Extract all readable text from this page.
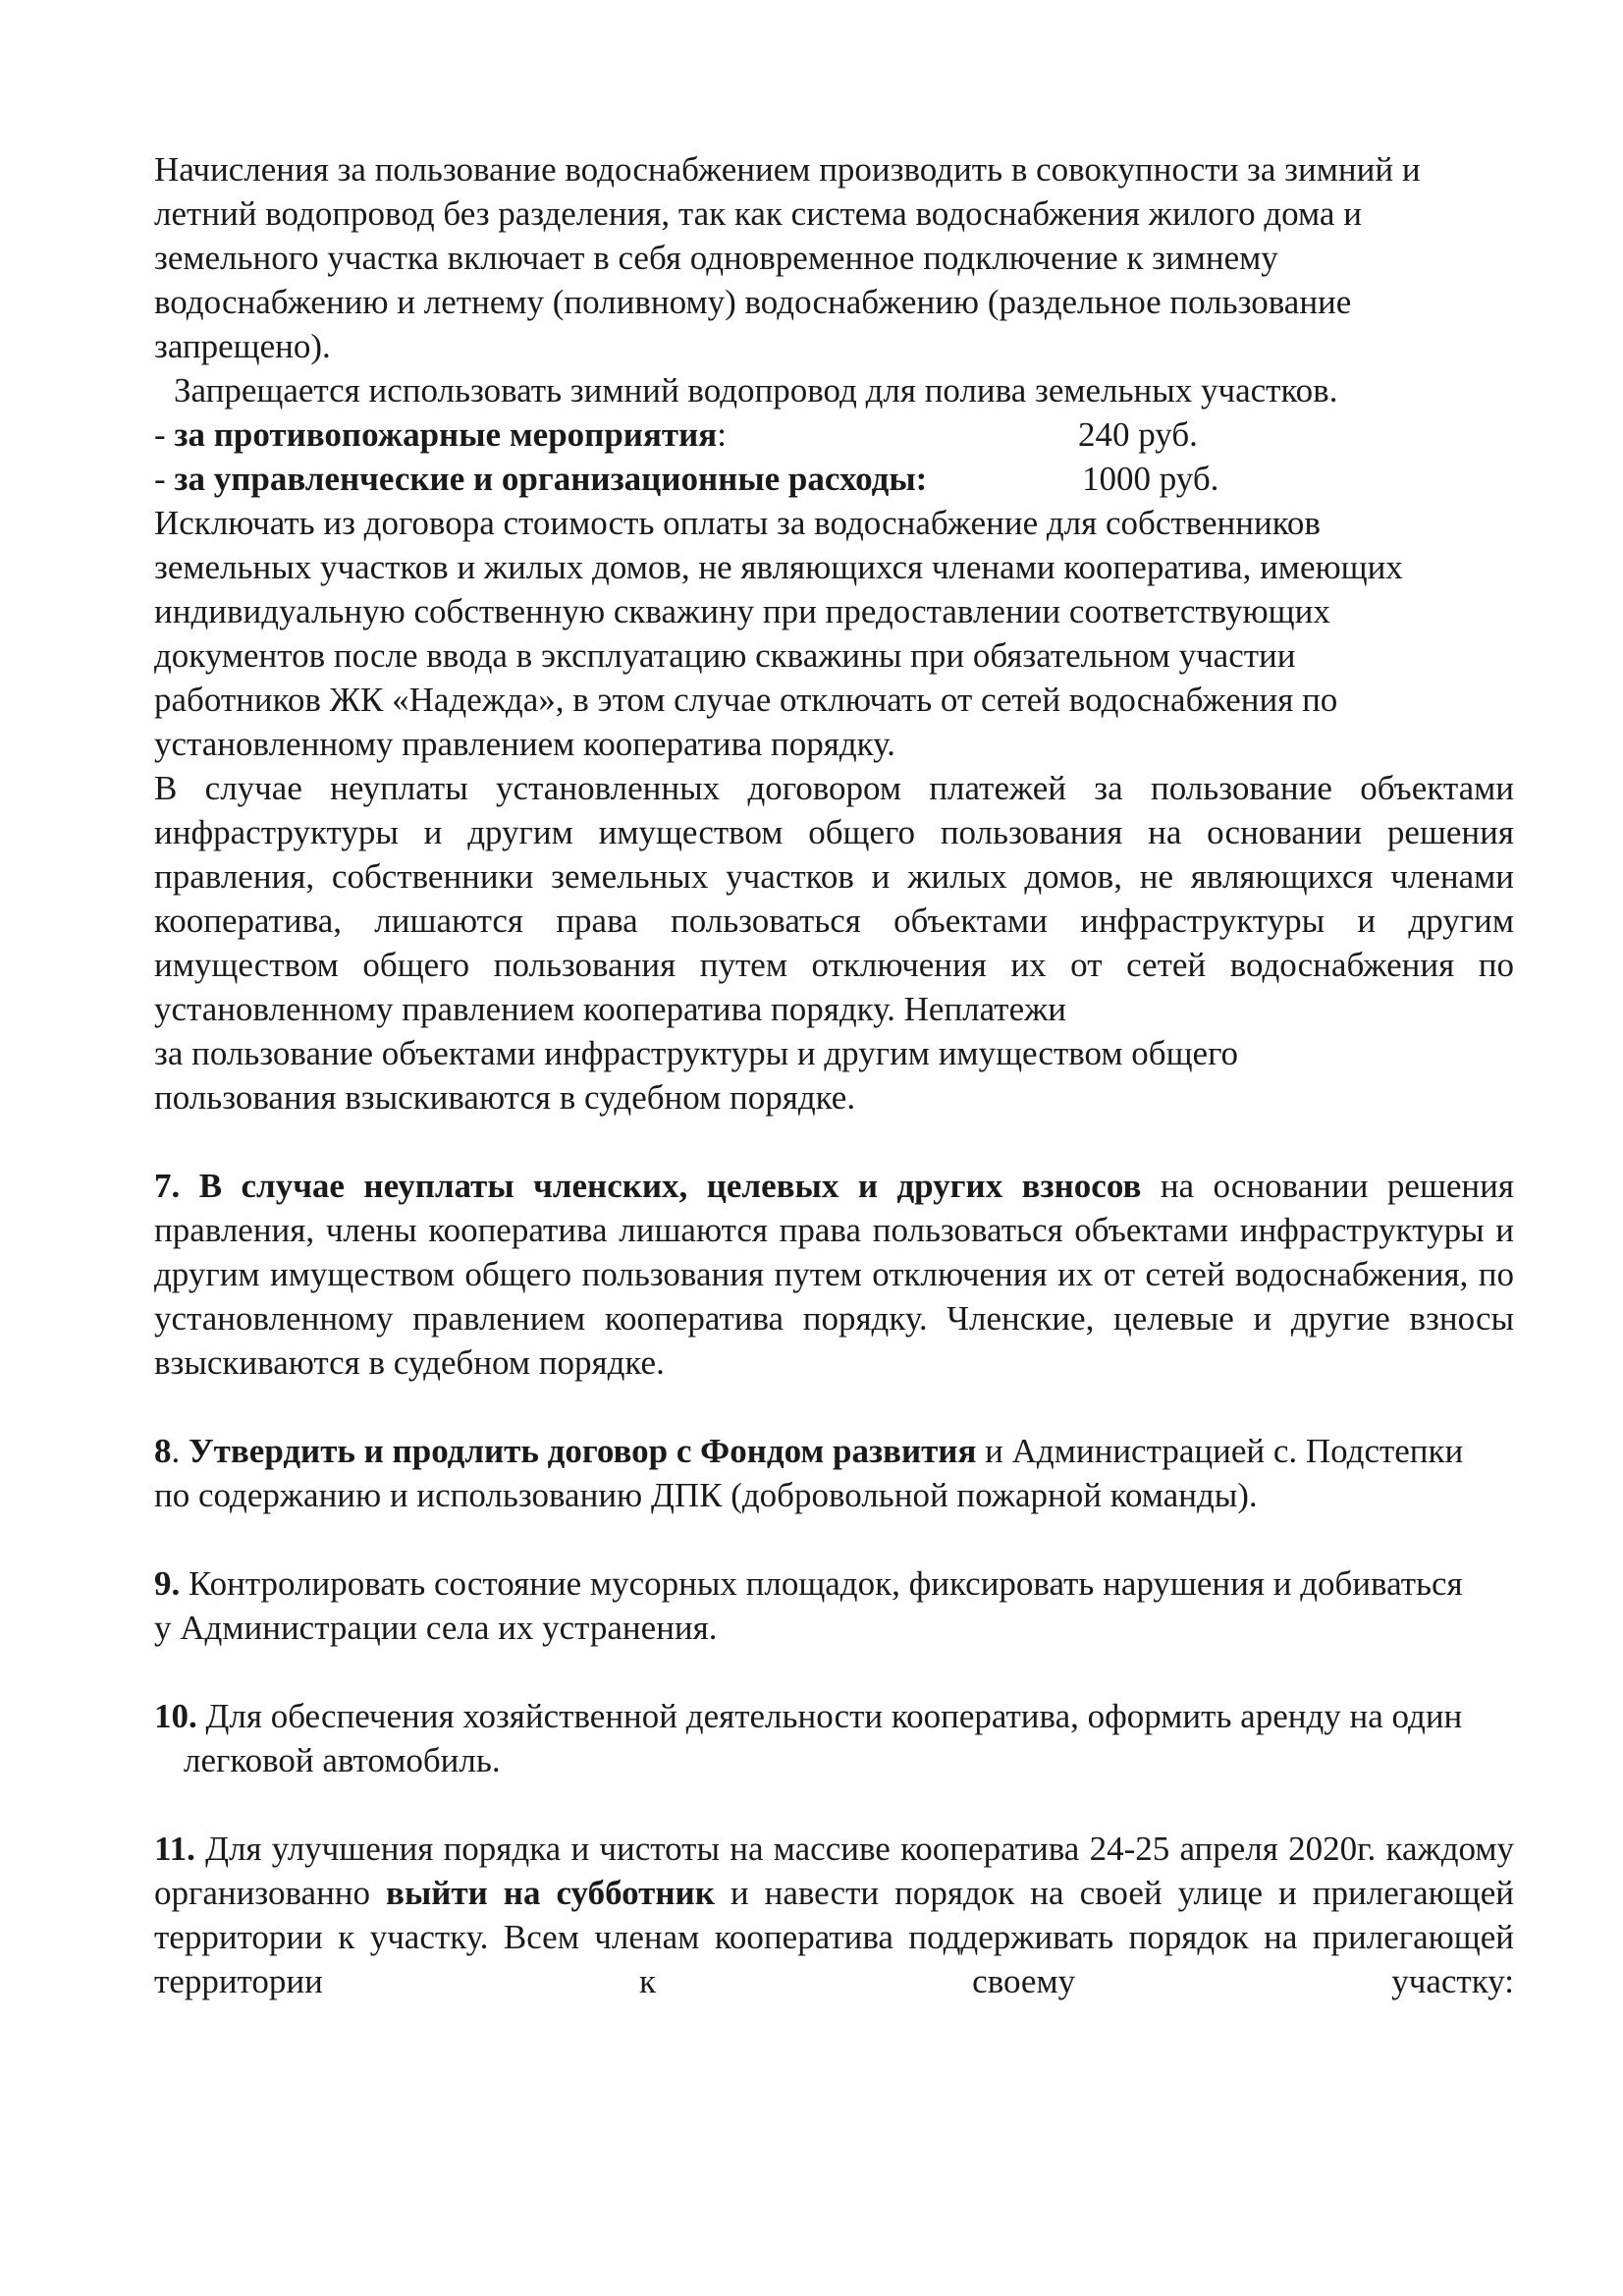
Начисления за пользование водоснабжением производить в совокупности за зимний и летний водопровод без разделения, так как система водоснабжения жилого дома и земельного участка включает в себя одновременное подключение к зимнему водоснабжению и летнему (поливному) водоснабжению (раздельное пользование запрещено).

Запрещается использовать зимний водопровод для полива земельных участков.

- за противопожарные мероприятия:	240 руб.
- за управленческие и организационные расходы:	1000 руб.

Исключать из договора стоимость оплаты за водоснабжение для собственников земельных участков и жилых домов, не являющихся членами кооператива, имеющих индивидуальную собственную скважину при предоставлении соответствующих документов после ввода в эксплуатацию скважины при обязательном участии работников ЖК «Надежда», в этом случае отключать от сетей водоснабжения по установленному правлением кооператива порядку.

В случае неуплаты установленных договором платежей за пользование объектами инфраструктуры и другим имуществом общего пользования на основании решения правления, собственники земельных участков и жилых домов, не являющихся членами кооператива, лишаются права пользоваться объектами инфраструктуры и другим имуществом общего пользования путем отключения их от сетей водоснабжения по установленному правлением кооператива порядку. Неплатежи

за пользование объектами инфраструктуры и другим имуществом общего пользования взыскиваются в судебном порядке.

7. В случае неуплаты членских, целевых и других взносов на основании решения правления, члены кооператива лишаются права пользоваться объектами инфраструктуры и другим имуществом общего пользования путем отключения их от сетей водоснабжения, по установленному правлением кооператива порядку. Членские, целевые и другие взносы взыскиваются в судебном порядке.

8. Утвердить и продлить договор с Фондом развития и Администрацией с. Подстепки по содержанию и использованию ДПК (добровольной пожарной команды).

9. Контролировать состояние мусорных площадок, фиксировать нарушения и добиваться у Администрации села их устранения.

10. Для обеспечения хозяйственной деятельности кооператива, оформить аренду на один легковой автомобиль.

11. Для улучшения порядка и чистоты на массиве кооператива 24-25 апреля 2020г. каждому организованно выйти на субботник и навести порядок на своей улице и прилегающей территории к участку. Всем членам кооператива поддерживать порядок на прилегающей территории к своему участку:
